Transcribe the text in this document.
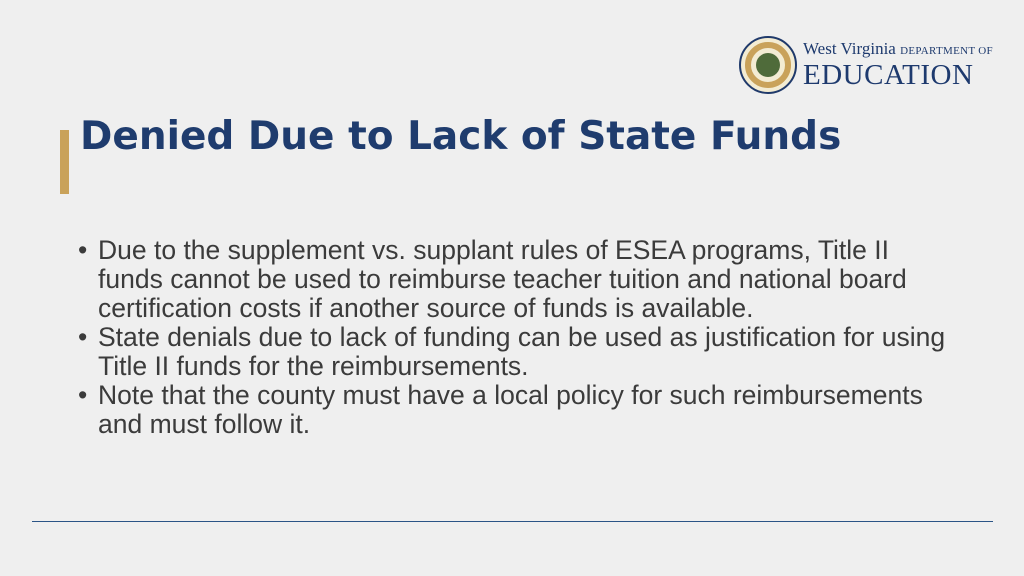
West Virginia DEPARTMENT OF
EDUCATION
Denied Due to Lack of State Funds
• Due to the supplement vs. supplant rules of ESEA programs, Title II funds cannot be used to reimburse teacher tuition and national board certification costs if another source of funds is available.
• State denials due to lack of funding can be used as justification for using Title II funds for the reimbursements.
• Note that the county must have a local policy for such reimbursements and must follow it.
